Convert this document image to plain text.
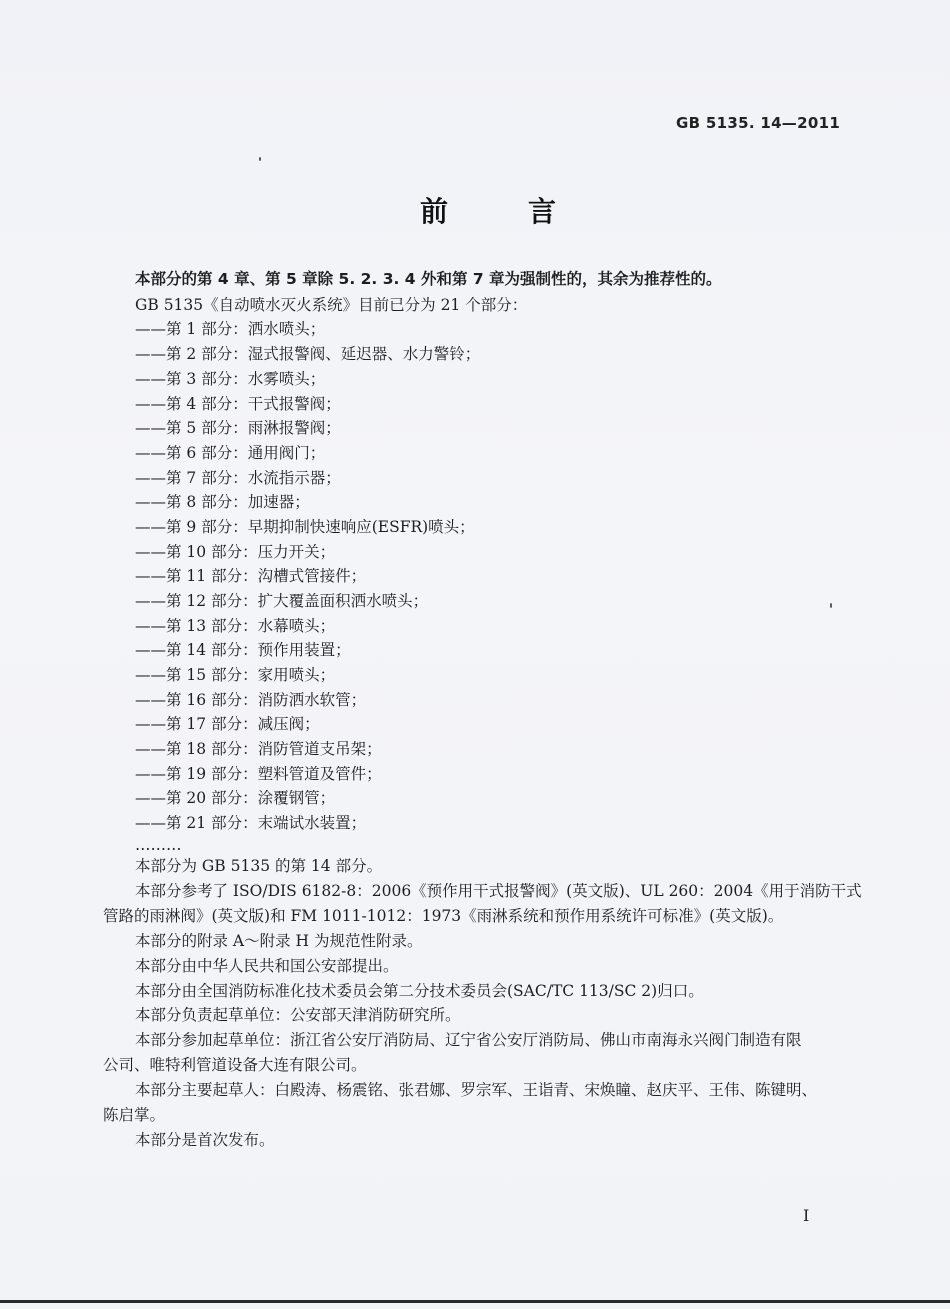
GB 5135. 14—2011
前　言
本部分的第 4 章、第 5 章除 5. 2. 3. 4 外和第 7 章为强制性的，其余为推荐性的。
GB 5135《自动喷水灭火系统》目前已分为 21 个部分：
——第 1 部分：洒水喷头；
——第 2 部分：湿式报警阀、延迟器、水力警铃；
——第 3 部分：水雾喷头；
——第 4 部分：干式报警阀；
——第 5 部分：雨淋报警阀；
——第 6 部分：通用阀门；
——第 7 部分：水流指示器；
——第 8 部分：加速器；
——第 9 部分：早期抑制快速响应(ESFR)喷头；
——第 10 部分：压力开关；
——第 11 部分：沟槽式管接件；
——第 12 部分：扩大覆盖面积洒水喷头；
——第 13 部分：水幕喷头；
——第 14 部分：预作用装置；
——第 15 部分：家用喷头；
——第 16 部分：消防洒水软管；
——第 17 部分：减压阀；
——第 18 部分：消防管道支吊架；
——第 19 部分：塑料管道及管件；
——第 20 部分：涂覆钢管；
——第 21 部分：末端试水装置；
………
本部分为 GB 5135 的第 14 部分。
本部分参考了 ISO/DIS 6182-8：2006《预作用干式报警阀》(英文版)、UL 260：2004《用于消防干式
管路的雨淋阀》(英文版)和 FM 1011-1012：1973《雨淋系统和预作用系统许可标准》(英文版)。
本部分的附录 A～附录 H 为规范性附录。
本部分由中华人民共和国公安部提出。
本部分由全国消防标准化技术委员会第二分技术委员会(SAC/TC 113/SC 2)归口。
本部分负责起草单位：公安部天津消防研究所。
本部分参加起草单位：浙江省公安厅消防局、辽宁省公安厅消防局、佛山市南海永兴阀门制造有限
公司、唯特利管道设备大连有限公司。
本部分主要起草人：白殿涛、杨震铭、张君娜、罗宗军、王诣青、宋焕瞳、赵庆平、王伟、陈键明、
陈启掌。
本部分是首次发布。
I
